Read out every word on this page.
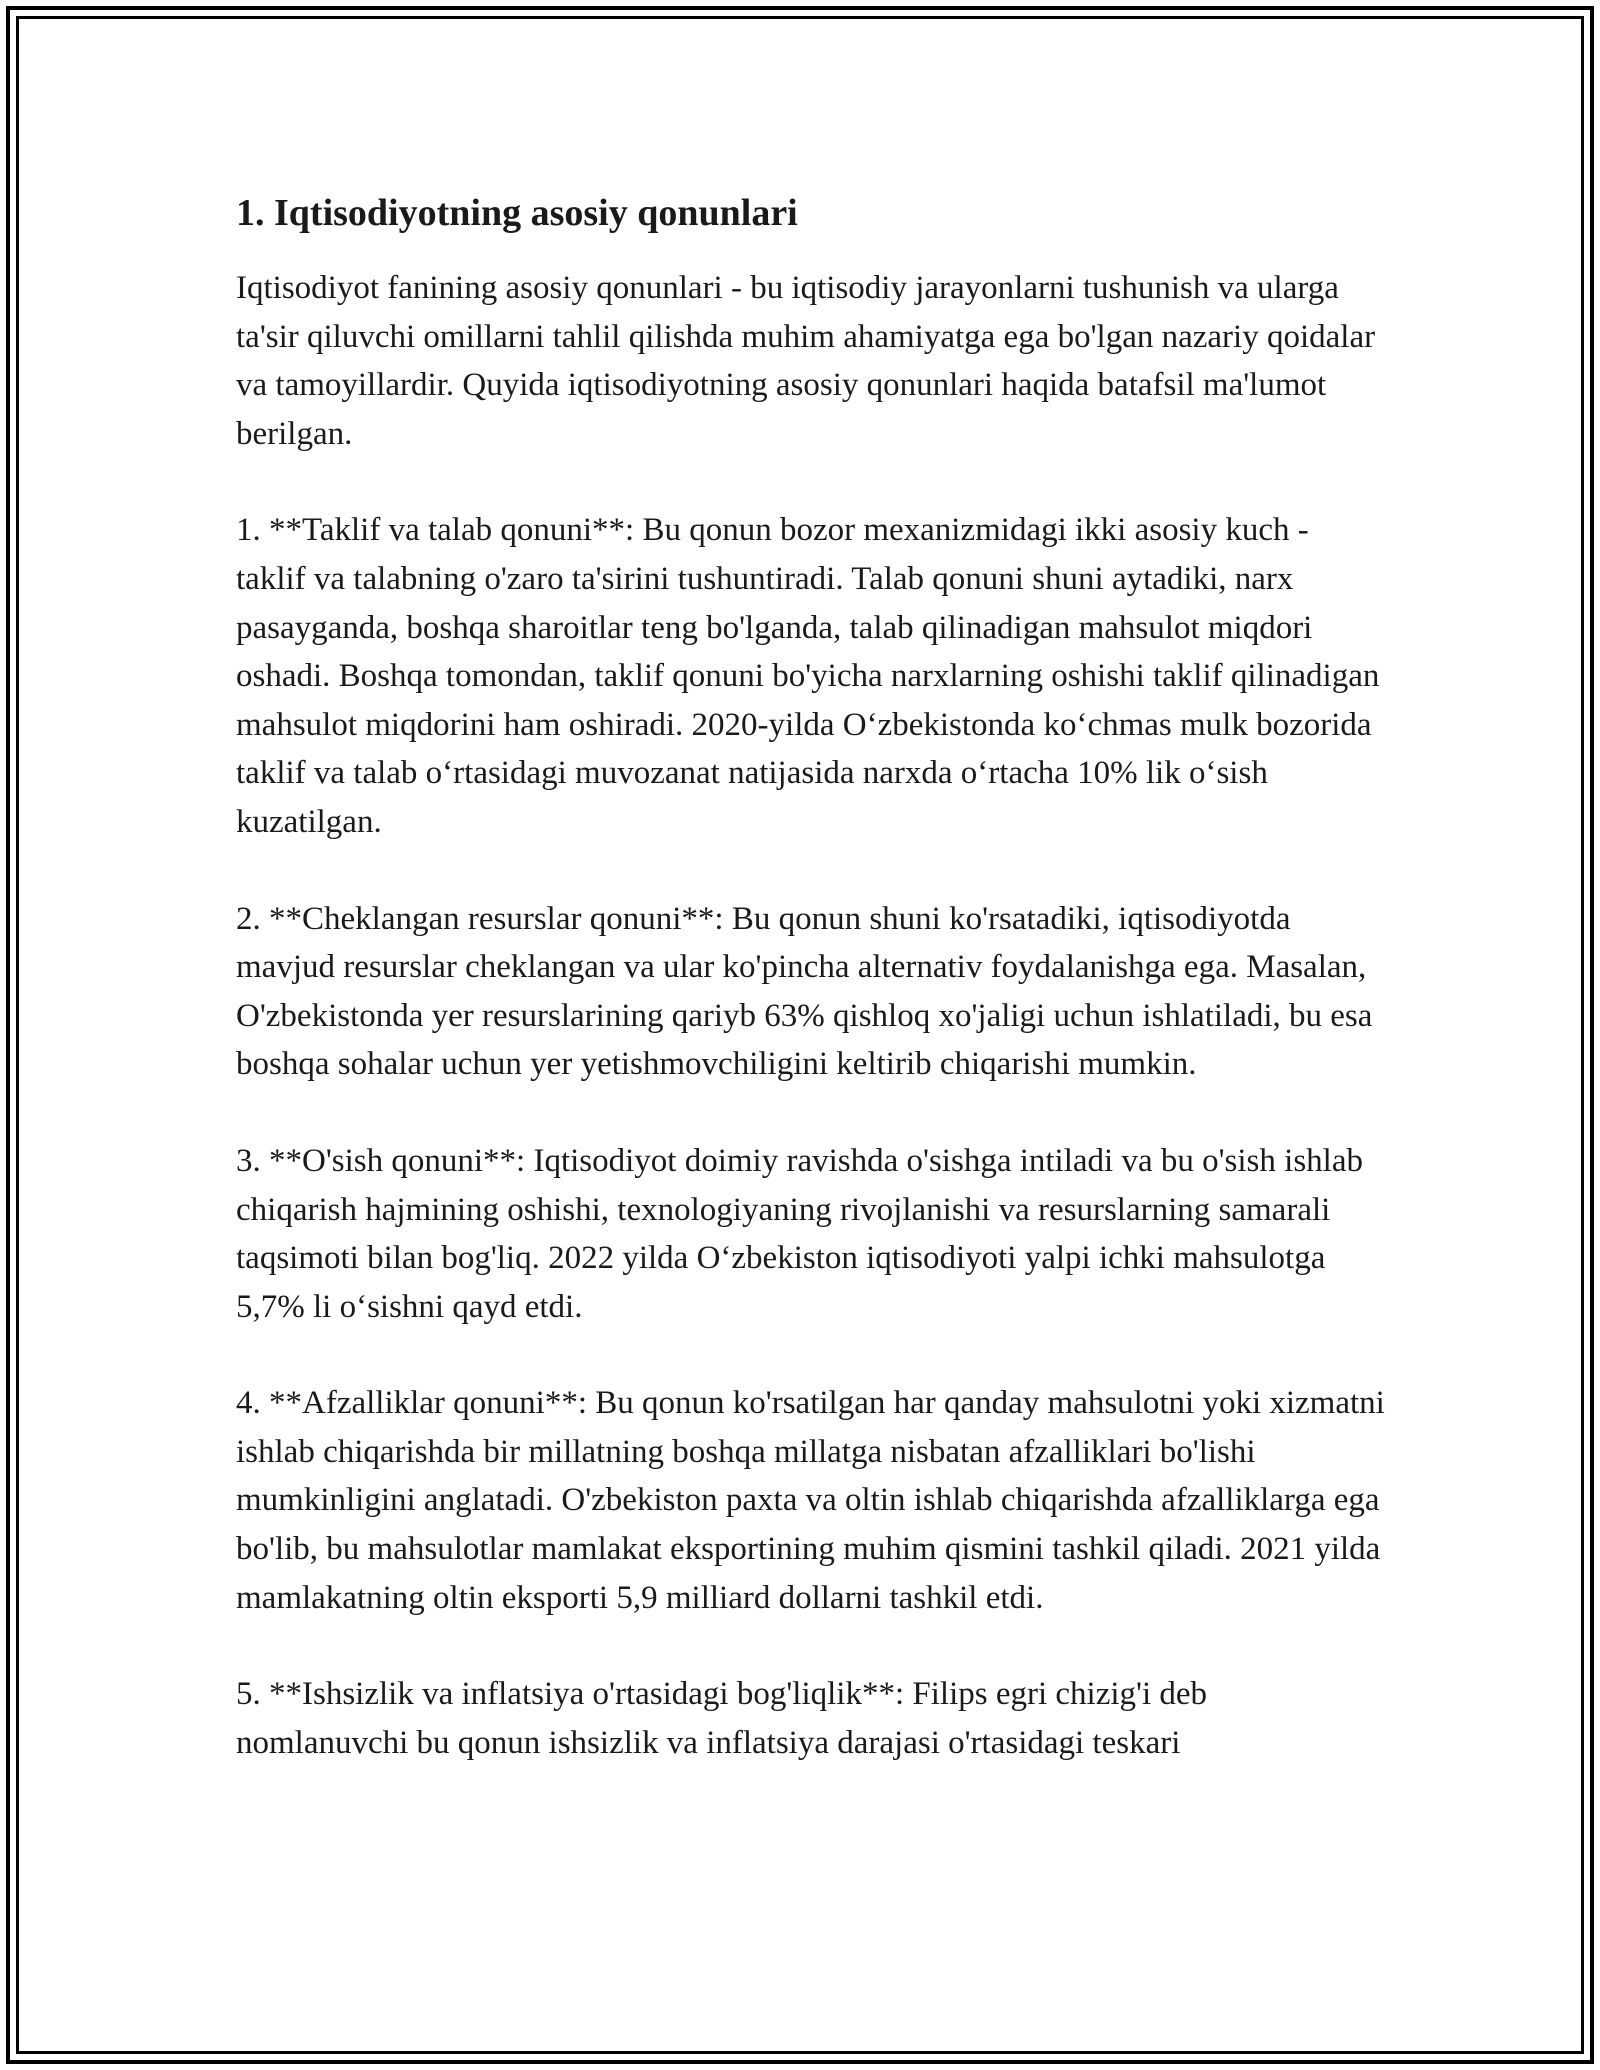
1. Iqtisodiyotning asosiy qonunlari

Iqtisodiyot fanining asosiy qonunlari - bu iqtisodiy jarayonlarni tushunish va ularga ta'sir qiluvchi omillarni tahlil qilishda muhim ahamiyatga ega bo'lgan nazariy qoidalar va tamoyillardir. Quyida iqtisodiyotning asosiy qonunlari haqida batafsil ma'lumot berilgan.

1. **Taklif va talab qonuni**: Bu qonun bozor mexanizmidagi ikki asosiy kuch - taklif va talabning o'zaro ta'sirini tushuntiradi. Talab qonuni shuni aytadiki, narx pasayganda, boshqa sharoitlar teng bo'lganda, talab qilinadigan mahsulot miqdori oshadi. Boshqa tomondan, taklif qonuni bo'yicha narxlarning oshishi taklif qilinadigan mahsulot miqdorini ham oshiradi. 2020-yilda O‘zbekistonda ko‘chmas mulk bozorida taklif va talab o‘rtasidagi muvozanat natijasida narxda o‘rtacha 10% lik o‘sish kuzatilgan.

2. **Cheklangan resurslar qonuni**: Bu qonun shuni ko'rsatadiki, iqtisodiyotda mavjud resurslar cheklangan va ular ko'pincha alternativ foydalanishga ega. Masalan, O'zbekistonda yer resurslarining qariyb 63% qishloq xo'jaligi uchun ishlatiladi, bu esa boshqa sohalar uchun yer yetishmovchiligini keltirib chiqarishi mumkin.

3. **O'sish qonuni**: Iqtisodiyot doimiy ravishda o'sishga intiladi va bu o'sish ishlab chiqarish hajmining oshishi, texnologiyaning rivojlanishi va resurslarning samarali taqsimoti bilan bog'liq. 2022 yilda O‘zbekiston iqtisodiyoti yalpi ichki mahsulotga 5,7% li o‘sishni qayd etdi.

4. **Afzalliklar qonuni**: Bu qonun ko'rsatilgan har qanday mahsulotni yoki xizmatni ishlab chiqarishda bir millatning boshqa millatga nisbatan afzalliklari bo'lishi mumkinligini anglatadi. O'zbekiston paxta va oltin ishlab chiqarishda afzalliklarga ega bo'lib, bu mahsulotlar mamlakat eksportining muhim qismini tashkil qiladi. 2021 yilda mamlakatning oltin eksporti 5,9 milliard dollarni tashkil etdi.

5. **Ishsizlik va inflatsiya o'rtasidagi bog'liqlik**: Filips egri chizig'i deb nomlanuvchi bu qonun ishsizlik va inflatsiya darajasi o'rtasidagi teskari
